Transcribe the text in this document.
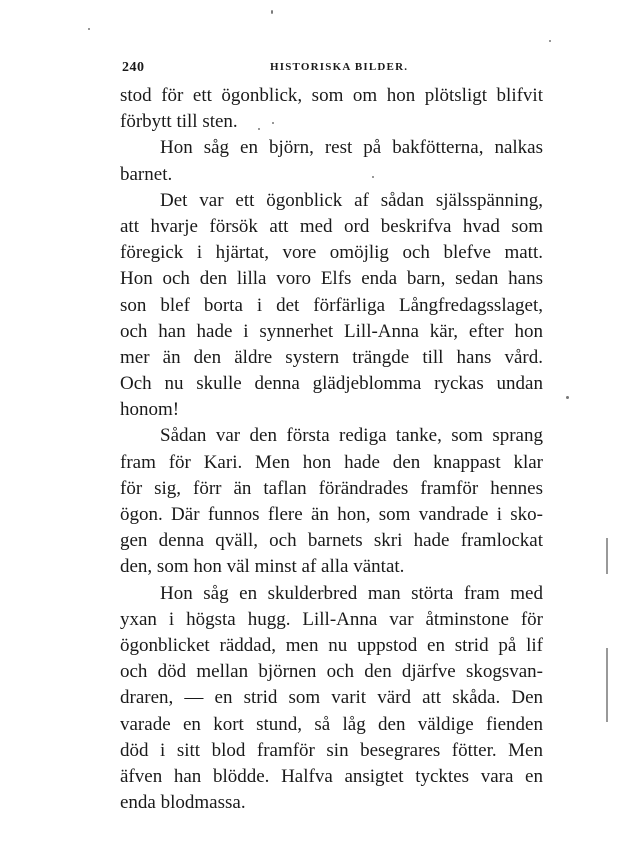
240	HISTORISKA BILDER.
stod för ett ögonblick, som om hon plötsligt blifvit
förbytt till sten.
Hon såg en björn, rest på bakfötterna, nalkas
barnet.
Det var ett ögonblick af sådan själsspänning,
att hvarje försök att med ord beskrifva hvad som
föregick i hjärtat, vore omöjlig och blefve matt.
Hon och den lilla voro Elfs enda barn, sedan hans
son blef borta i det förfärliga Långfredagsslaget,
och han hade i synnerhet Lill-Anna kär, efter hon
mer än den äldre systern trängde till hans vård.
Och nu skulle denna glädjeblomma ryckas undan
honom!
Sådan var den första rediga tanke, som sprang
fram för Kari. Men hon hade den knappast klar
för sig, förr än taflan förändrades framför hennes
ögon. Där funnos flere än hon, som vandrade i sko-
gen denna qväll, och barnets skri hade framlockat
den, som hon väl minst af alla väntat.
Hon såg en skulderbred man störta fram med
yxan i högsta hugg. Lill-Anna var åtminstone för
ögonblicket räddad, men nu uppstod en strid på lif
och död mellan björnen och den djärfve skogsvan-
draren, — en strid som varit värd att skåda. Den
varade en kort stund, så låg den väldige fienden
död i sitt blod framför sin besegrares fötter. Men
äfven han blödde. Halfva ansigtet tycktes vara en
enda blodmassa.
